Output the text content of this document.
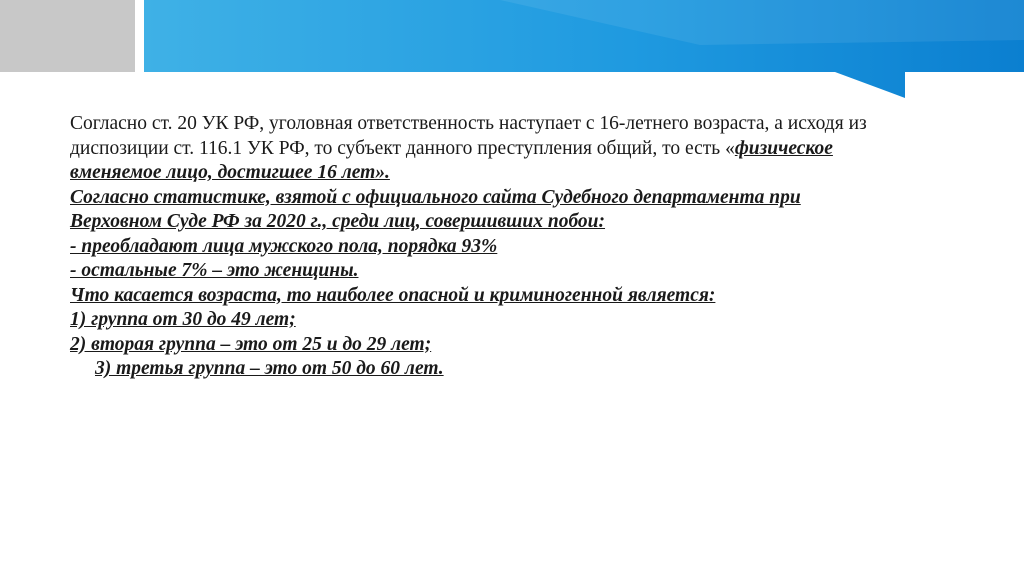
Согласно ст. 20 УК РФ, уголовная ответственность наступает с 16-летнего возраста, а исходя из
диспозиции ст. 116.1 УК РФ, то субъект данного преступления общий, то есть «физическое
вменяемое лицо, достигшее 16 лет».
Согласно статистике, взятой с официального сайта Судебного департамента при
Верховном Суде РФ за 2020 г., среди лиц, совершивших побои:
- преобладают лица мужского пола, порядка 93%
- остальные 7% – это женщины.
Что касается возраста, то наиболее опасной и криминогенной является:
1) группа от 30 до 49 лет;
2) вторая группа – это от 25 и до 29 лет;
3) третья группа – это от 50 до 60 лет.
